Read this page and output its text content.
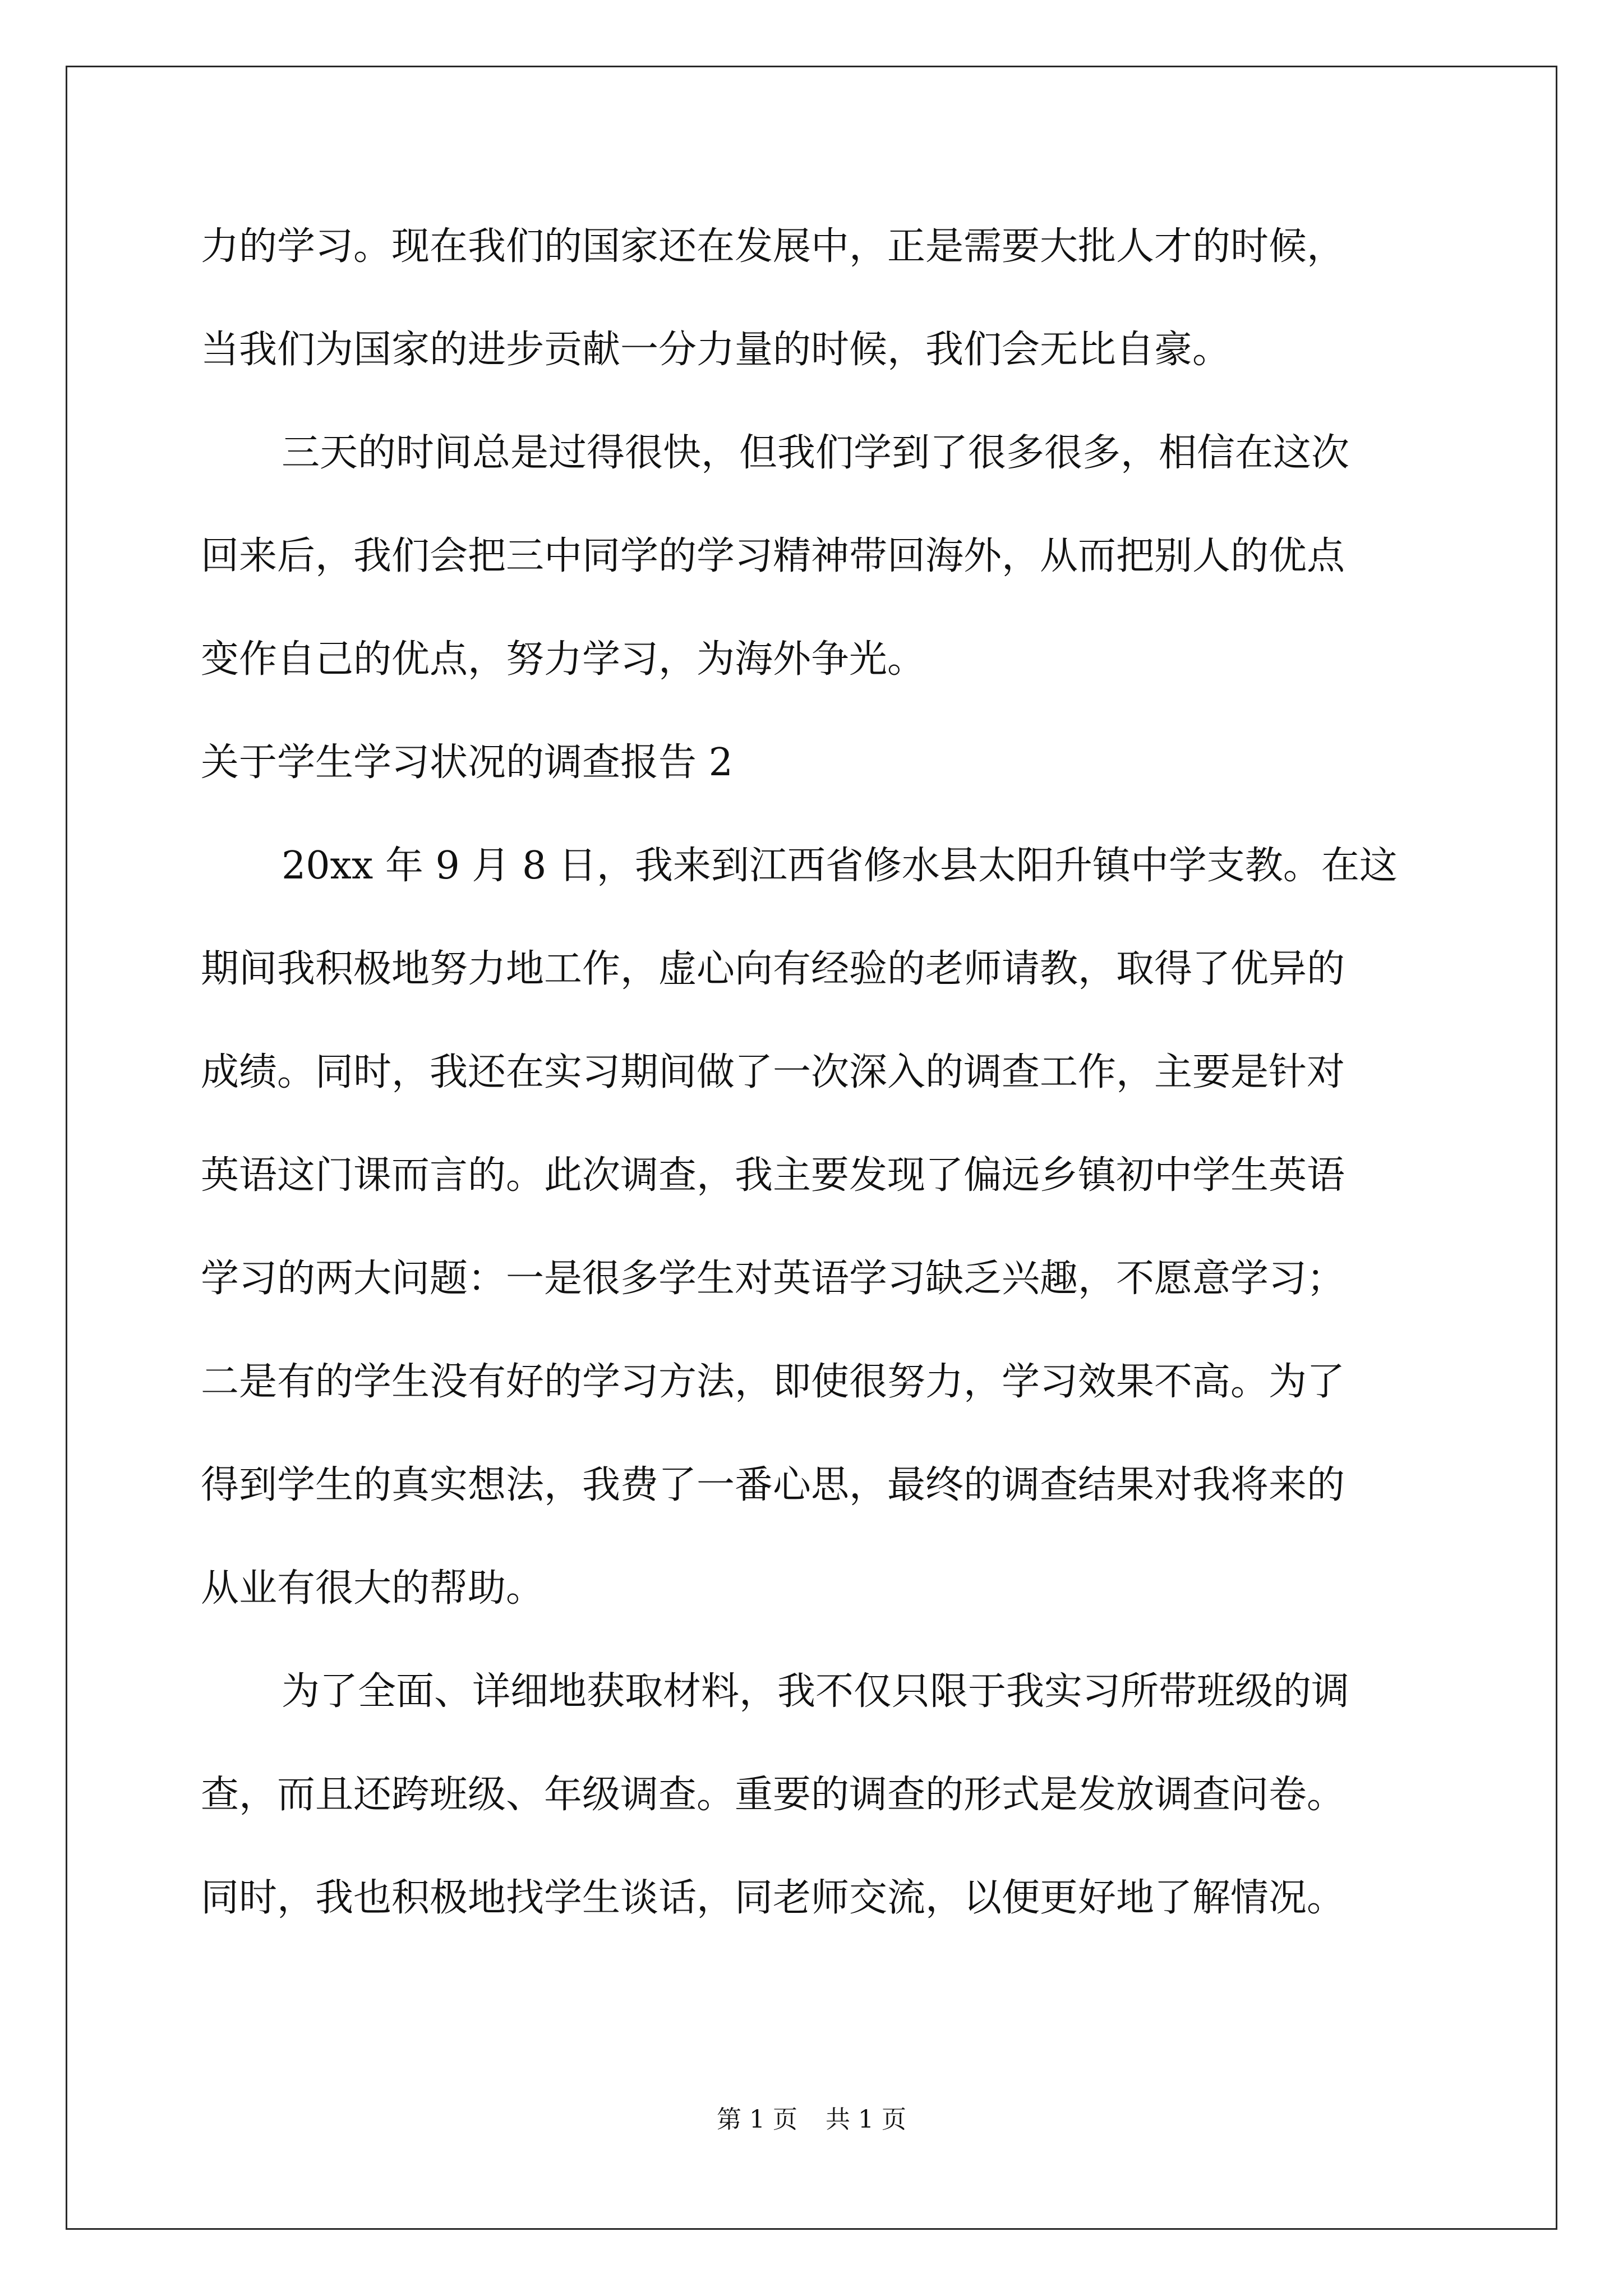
力的学习。现在我们的国家还在发展中，正是需要大批人才的时候，
当我们为国家的进步贡献一分力量的时候，我们会无比自豪。
三天的时间总是过得很快，但我们学到了很多很多，相信在这次
回来后，我们会把三中同学的学习精神带回海外，从而把别人的优点
变作自己的优点，努力学习，为海外争光。
关于学生学习状况的调查报告 2
20xx 年 9 月 8 日，我来到江西省修水县太阳升镇中学支教。在这
期间我积极地努力地工作，虚心向有经验的老师请教，取得了优异的
成绩。同时，我还在实习期间做了一次深入的调查工作，主要是针对
英语这门课而言的。此次调查，我主要发现了偏远乡镇初中学生英语
学习的两大问题：一是很多学生对英语学习缺乏兴趣，不愿意学习；
二是有的学生没有好的学习方法，即使很努力，学习效果不高。为了
得到学生的真实想法，我费了一番心思，最终的调查结果对我将来的
从业有很大的帮助。
为了全面、详细地获取材料，我不仅只限于我实习所带班级的调
查，而且还跨班级、年级调查。重要的调查的形式是发放调查问卷。
同时，我也积极地找学生谈话，同老师交流，以便更好地了解情况。
第 1 页 共 1 页
